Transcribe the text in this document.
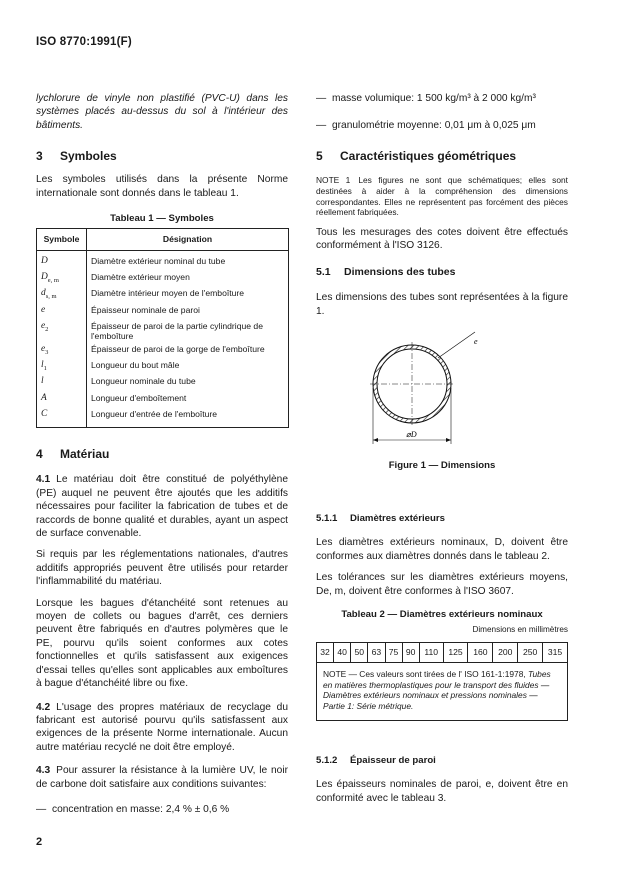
ISO 8770:1991(F)

lychlorure de vinyle non plastifié (PVC-U) dans les systèmes placés au-dessus du sol à l'intérieur des bâtiments.

3 Symboles

Les symboles utilisés dans la présente Norme internationale sont donnés dans le tableau 1.

Tableau 1 — Symboles
Symbole	Désignation
D	Diamètre extérieur nominal du tube
$D_{e, m}$	Diamètre extérieur moyen
$d_{s, m}$	Diamètre intérieur moyen de l'emboîture
e	Épaisseur nominale de paroi
$e_2$	Épaisseur de paroi de la partie cylindrique de l'emboîture
$e_3$	Épaisseur de paroi de la gorge de l'emboîture
$l_1$	Longueur du bout mâle
l	Longueur nominale du tube
A	Longueur d'emboîtement
C	Longueur d'entrée de l'emboîture

4 Matériau

4.1 Le matériau doit être constitué de polyéthylène (PE) auquel ne peuvent être ajoutés que les additifs nécessaires pour faciliter la fabrication de tubes et de raccords de bonne qualité et durables, ayant un aspect de surface convenable.

Si requis par les réglementations nationales, d'autres additifs appropriés peuvent être utilisés pour retarder l'inflammabilité du matériau.

Lorsque les bagues d'étanchéité sont retenues au moyen de collets ou bagues d'arrêt, ces derniers peuvent être fabriqués en d'autres polymères que le PE, pourvu qu'ils soient conformes aux cotes fonctionnelles et qu'ils satisfassent aux exigences d'essai telles qu'elles sont applicables aux emboîtures à bague d'étanchéité libre ou fixe.

4.2 L'usage des propres matériaux de recyclage du fabricant est autorisé pourvu qu'ils satisfassent aux exigences de la présente Norme internationale. Aucun autre matériau recyclé ne doit être employé.

4.3 Pour assurer la résistance à la lumière UV, le noir de carbone doit satisfaire aux conditions suivantes:

— concentration en masse: 2,4 % ± 0,6 %
— masse volumique: 1 500 kg/m³ à 2 000 kg/m³
— granulométrie moyenne: 0,01 μm à 0,025 μm

5 Caractéristiques géométriques

NOTE 1 Les figures ne sont que schématiques; elles sont destinées à aider à la compréhension des dimensions correspondantes. Elles ne représentent pas forcément des pièces réellement fabriquées.

Tous les mesurages des cotes doivent être effectués conformément à l'ISO 3126.

5.1 Dimensions des tubes

Les dimensions des tubes sont représentées à la figure 1.

e
⌀D
Figure 1 — Dimensions

5.1.1 Diamètres extérieurs

Les diamètres extérieurs nominaux, D, doivent être conformes aux diamètres donnés dans le tableau 2.

Les tolérances sur les diamètres extérieurs moyens, De, m, doivent être conformes à l'ISO 3607.

Tableau 2 — Diamètres extérieurs nominaux
Dimensions en millimètres
32	40	50	63	75	90	110	125	160	200	250	315
NOTE — Ces valeurs sont tirées de l' ISO 161-1:1978, Tubes en matières thermoplastiques pour le transport des fluides — Diamètres extérieurs nominaux et pressions nominales — Partie 1: Série métrique.

5.1.2 Épaisseur de paroi

Les épaisseurs nominales de paroi, e, doivent être en conformité avec le tableau 3.

2
